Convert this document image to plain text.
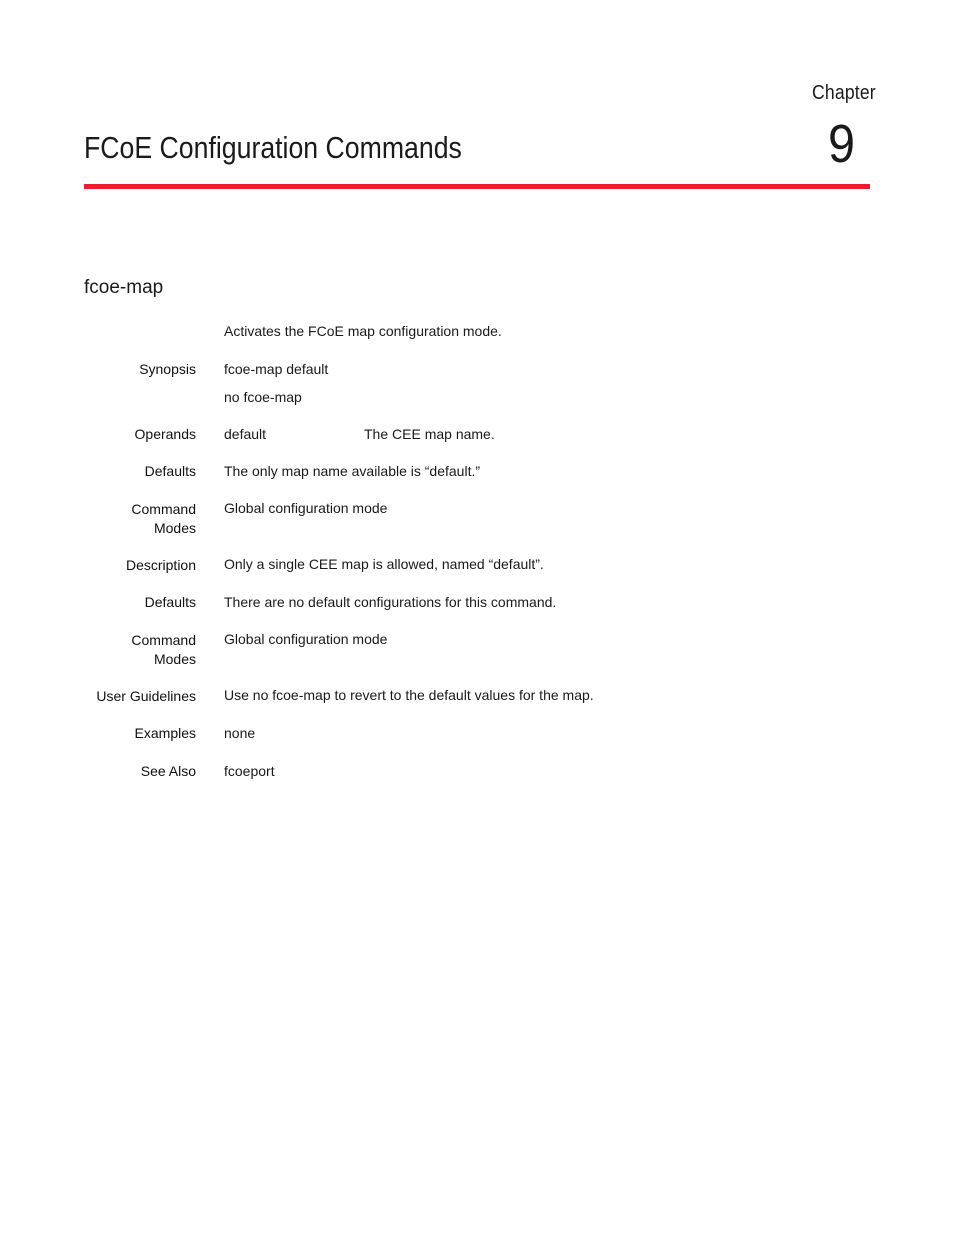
Chapter
9
FCoE Configuration Commands
fcoe-map
Activates the FCoE map configuration mode.
Synopsis fcoe-map default
no fcoe-map
Operands default	The CEE map name.
Defaults The only map name available is “default.”
Command
Modes
Global configuration mode
Description Only a single CEE map is allowed, named “default”.
Defaults There are no default configurations for this command.
Command
Modes
Global configuration mode
User Guidelines Use no fcoe-map to revert to the default values for the map.
Examples none
See Also fcoeport
